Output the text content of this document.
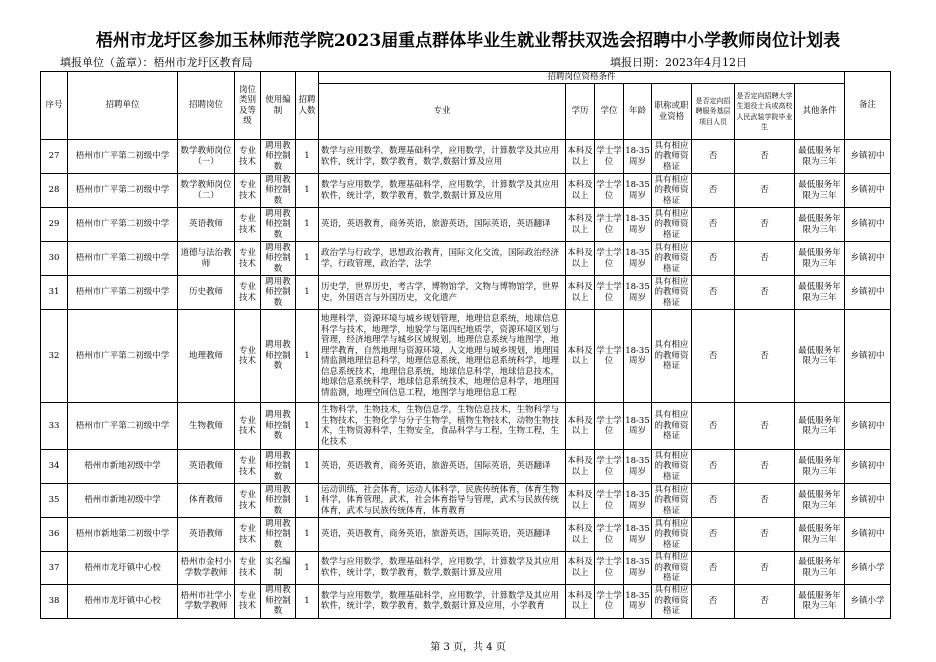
梧州市龙圩区参加玉林师范学院2023届重点群体毕业生就业帮扶双选会招聘中小学教师岗位计划表
填报单位（盖章）：梧州市龙圩区教育局	填报日期：2023年4月12日
序号	招聘单位	招聘岗位	岗位类别及等级	使用编制	招聘人数	招聘岗位资格条件								备注
						专业	学历	学位	年龄	职称或职业资格	是否定向招聘服务基层项目人员	是否定向招聘大学生退役士兵或高校人民武装学院毕业生	其他条件	
27	梧州市广平第二初级中学	数学教师岗位（一）	专业技术	聘用教师控制数	1	数学与应用数学，数理基础科学，应用数学，计算数学及其应用软件，统计学，数学教育，数学,数据计算及应用	本科及以上	学士学位	18-35周岁	具有相应的教师资格证	否	否	最低服务年限为三年	乡镇初中
28	梧州市广平第二初级中学	数学教师岗位（二）	专业技术	聘用教师控制数	1	数学与应用数学，数理基础科学，应用数学，计算数学及其应用软件，统计学，数学教育，数学,数据计算及应用	本科及以上	学士学位	18-35周岁	具有相应的教师资格证	否	否	最低服务年限为三年	乡镇初中
29	梧州市广平第二初级中学	英语教师	专业技术	聘用教师控制数	1	英语，英语教育，商务英语，旅游英语，国际英语，英语翻译	本科及以上	学士学位	18-35周岁	具有相应的教师资格证	否	否	最低服务年限为三年	乡镇初中
30	梧州市广平第二初级中学	道德与法治教师	专业技术	聘用教师控制数	1	政治学与行政学，思想政治教育，国际文化交流，国际政治经济学，行政管理，政治学，法学	本科及以上	学士学位	18-35周岁	具有相应的教师资格证	否	否	最低服务年限为三年	乡镇初中
31	梧州市广平第二初级中学	历史教师	专业技术	聘用教师控制数	1	历史学，世界历史，考古学，博物馆学，文物与博物馆学，世界史，外国语言与外国历史，文化遗产	本科及以上	学士学位	18-35周岁	具有相应的教师资格证	否	否	最低服务年限为三年	乡镇初中
32	梧州市广平第二初级中学	地理教师	专业技术	聘用教师控制数	1	地理科学，资源环境与城乡规划管理，地理信息系统，地球信息科学与技术，地理学，地貌学与第四纪地质学，资源环境区划与管理，经济地理学与城乡区域规划，地理信息系统与地图学，地理学教育，自然地理与资源环境，人文地理与城乡规划，地理国情监测地理信息科学，地理信息系统，地理信息系统科学，地理信息系统技术，地理信息系统，地球信息科学，地球信息技术，地球信息系统科学，地球信息系统技术，地理信息科学，地理国情监测，地理空间信息工程，地图学与地理信息工程	本科及以上	学士学位	18-35周岁	具有相应的教师资格证	否	否	最低服务年限为三年	乡镇初中
33	梧州市广平第二初级中学	生物教师	专业技术	聘用教师控制数	1	生物科学，生物技术，生物信息学，生物信息技术，生物科学与生物技术，生物化学与分子生物学，植物生物技术，动物生物技术，生物资源科学，生物安全，食品科学与工程，生物工程，生化技术	本科及以上	学士学位	18-35周岁	具有相应的教师资格证	否	否	最低服务年限为三年	乡镇初中
34	梧州市新地初级中学	英语教师	专业技术	聘用教师控制数	1	英语，英语教育，商务英语，旅游英语，国际英语，英语翻译	本科及以上	学士学位	18-35周岁	具有相应的教师资格证	否	否	最低服务年限为三年	乡镇初中
35	梧州市新地初级中学	体育教师	专业技术	聘用教师控制数	1	运动训练，社会体育，运动人体科学，民族传统体育，体育生物科学，体育管理，武术，社会体育指导与管理，武术与民族传统体育，武术与民族传统体育，体育教育	本科及以上	学士学位	18-35周岁	具有相应的教师资格证	否	否	最低服务年限为三年	乡镇初中
36	梧州市新地第二初级中学	英语教师	专业技术	聘用教师控制数	1	英语，英语教育，商务英语，旅游英语，国际英语，英语翻译	本科及以上	学士学位	18-35周岁	具有相应的教师资格证	否	否	最低服务年限为三年	乡镇初中
37	梧州市龙圩镇中心校	梧州市金村小学数学教师	专业技术	实名编制	1	数学与应用数学，数理基础科学，应用数学，计算数学及其应用软件，统计学，数学教育，数学,数据计算及应用	本科及以上	学士学位	18-35周岁	具有相应的教师资格证	否	否	最低服务年限为三年	乡镇小学
38	梧州市龙圩镇中心校	梧州市社学小学数学教师	专业技术	聘用教师控制数	1	数学与应用数学，数理基础科学，应用数学，计算数学及其应用软件，统计学，数学教育，数学,数据计算及应用，小学教育	本科及以上	学士学位	18-35周岁	具有相应的教师资格证	否	否	最低服务年限为三年	乡镇小学
第 3 页，共 4 页
